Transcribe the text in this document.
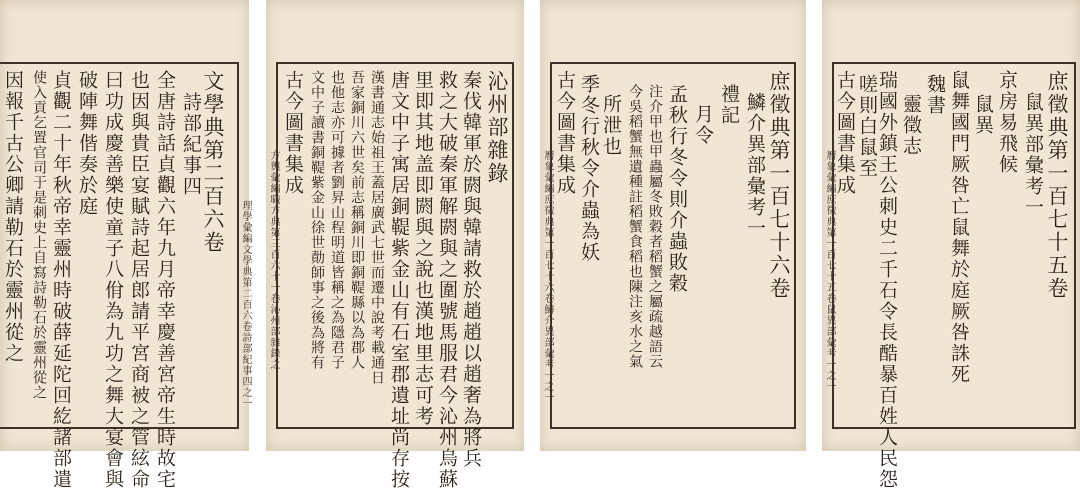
文學典第二百六卷
詩部紀事四
全唐詩話貞觀六年九月帝幸慶善宮帝生時故宅
也因與貴臣宴賦詩起居郎請平宮商被之管絃命
曰功成慶善樂使童子八佾為九功之舞大宴會與
破陣舞偕奏於庭
貞觀二十年秋帝幸靈州時破薛延陀回紇諸部遣
使入貢乞置官司于是刺史上自寫詩勒石於靈州從之
因報千古公卿請勒石於靈州從之	理學彙編文學典第二百六卷詩部紀事四之一
沁州部雜錄
秦伐韓軍於閼與韓請救於趙趙以趙奢為將兵
救之大破秦軍解閼與之圍號馬服君今沁州烏蘇
里即其地盖即閼與之說也漢地里志可考
唐文中子寓居銅鞮紫金山有石室郡遺址尚存按
漢書通志始祖王蓋居廣武七世而遷中說考載通日
吾家銅川六世矣前志稱銅川即銅鞮縣以為郡人
也他志亦可據者劉昇山程明道皆稱之為隱君子
文中子讀書銅鞮紫金山徐世勣師事之後為將有
古今圖書集成
方輿彙編職方典第三百六十一卷沁州部雜錄之	庶徵典第一百七十六卷
鱗介異部彙考一
禮記
月令
孟秋行冬令則介蟲敗穀
注介甲也甲蟲屬冬敗穀者稻蟹之屬疏越語云
今吳稻蟹無遺種註稻蟹食稻也陳注亥水之氣
所泄也
季冬行秋令介蟲為妖
古今圖書集成
曆象彙編庶徵典第一百七十六卷鱗介異部彙考一之一	庶徵典第一百七十五卷
鼠異部彙考一
京房易飛候
鼠異
鼠舞國門厥咎亡鼠舞於庭厥咎誅死
魏書
靈徵志
瑞國外鎮王公刺史二千石令長酷暴百姓人民怨
嗟則白鼠至
古今圖書集成
曆象彙編庶徵典第一百七十五卷鼠異部彙考一之一
